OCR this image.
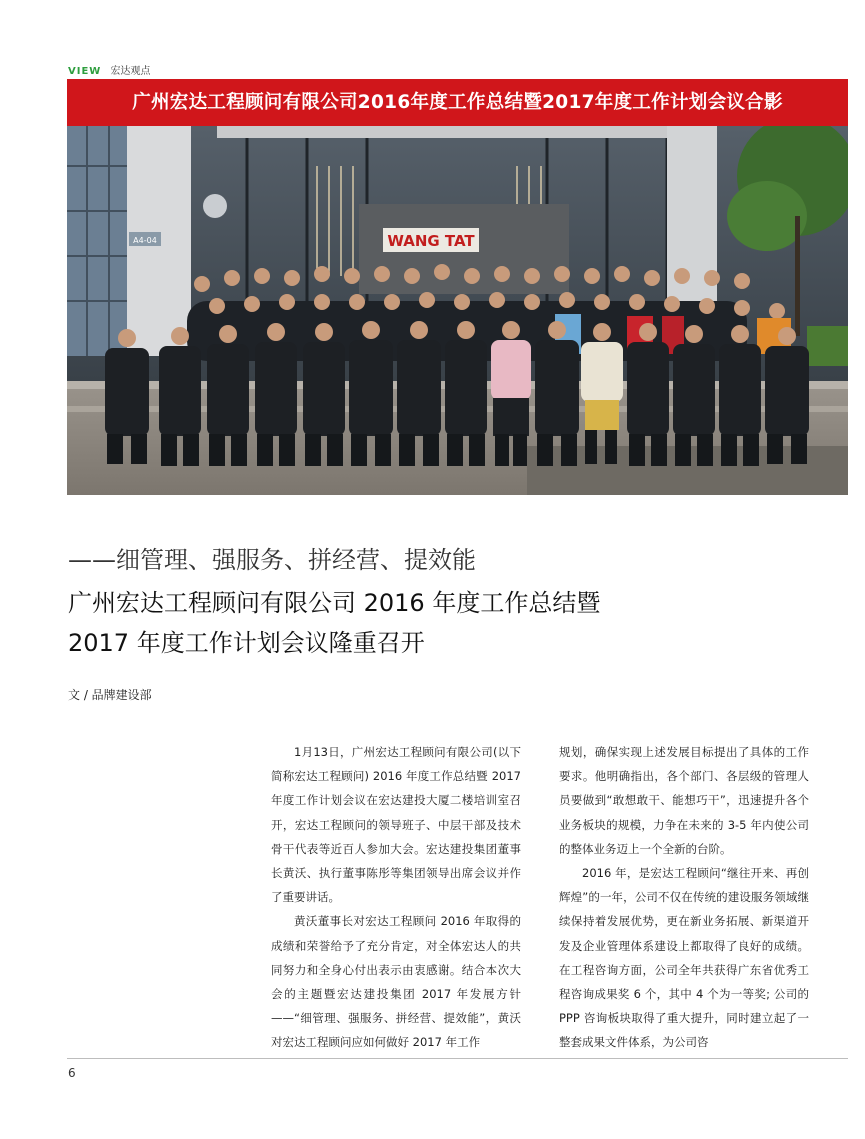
VIEW 宏达观点
广州宏达工程顾问有限公司2016年度工作总结暨2017年度工作计划会议合影
A4-04	WANG TAT
——细管理、强服务、拼经营、提效能
广州宏达工程顾问有限公司 2016 年度工作总结暨
2017 年度工作计划会议隆重召开
文 / 品牌建设部

1月13日，广州宏达工程顾问有限公司(以下简称宏达工程顾问) 2016 年度工作总结暨 2017 年度工作计划会议在宏达建投大厦二楼培训室召开，宏达工程顾问的领导班子、中层干部及技术骨干代表等近百人参加大会。宏达建投集团董事长黄沃、执行董事陈彤等集团领导出席会议并作了重要讲话。

黄沃董事长对宏达工程顾问 2016 年取得的成绩和荣誉给予了充分肯定，对全体宏达人的共同努力和全身心付出表示由衷感谢。结合本次大会的主题暨宏达建投集团 2017 年发展方针——“细管理、强服务、拼经营、提效能”，黄沃对宏达工程顾问应如何做好 2017 年工作

规划，确保实现上述发展目标提出了具体的工作要求。他明确指出，各个部门、各层级的管理人员要做到“敢想敢干、能想巧干”，迅速提升各个业务板块的规模，力争在未来的 3-5 年内使公司的整体业务迈上一个全新的台阶。

2016 年，是宏达工程顾问“继往开来、再创辉煌”的一年，公司不仅在传统的建设服务领域继续保持着发展优势，更在新业务拓展、新渠道开发及企业管理体系建设上都取得了良好的成绩。在工程咨询方面，公司全年共获得广东省优秀工程咨询成果奖 6 个，其中 4 个为一等奖; 公司的 PPP 咨询板块取得了重大提升，同时建立起了一整套成果文件体系，为公司咨

6
